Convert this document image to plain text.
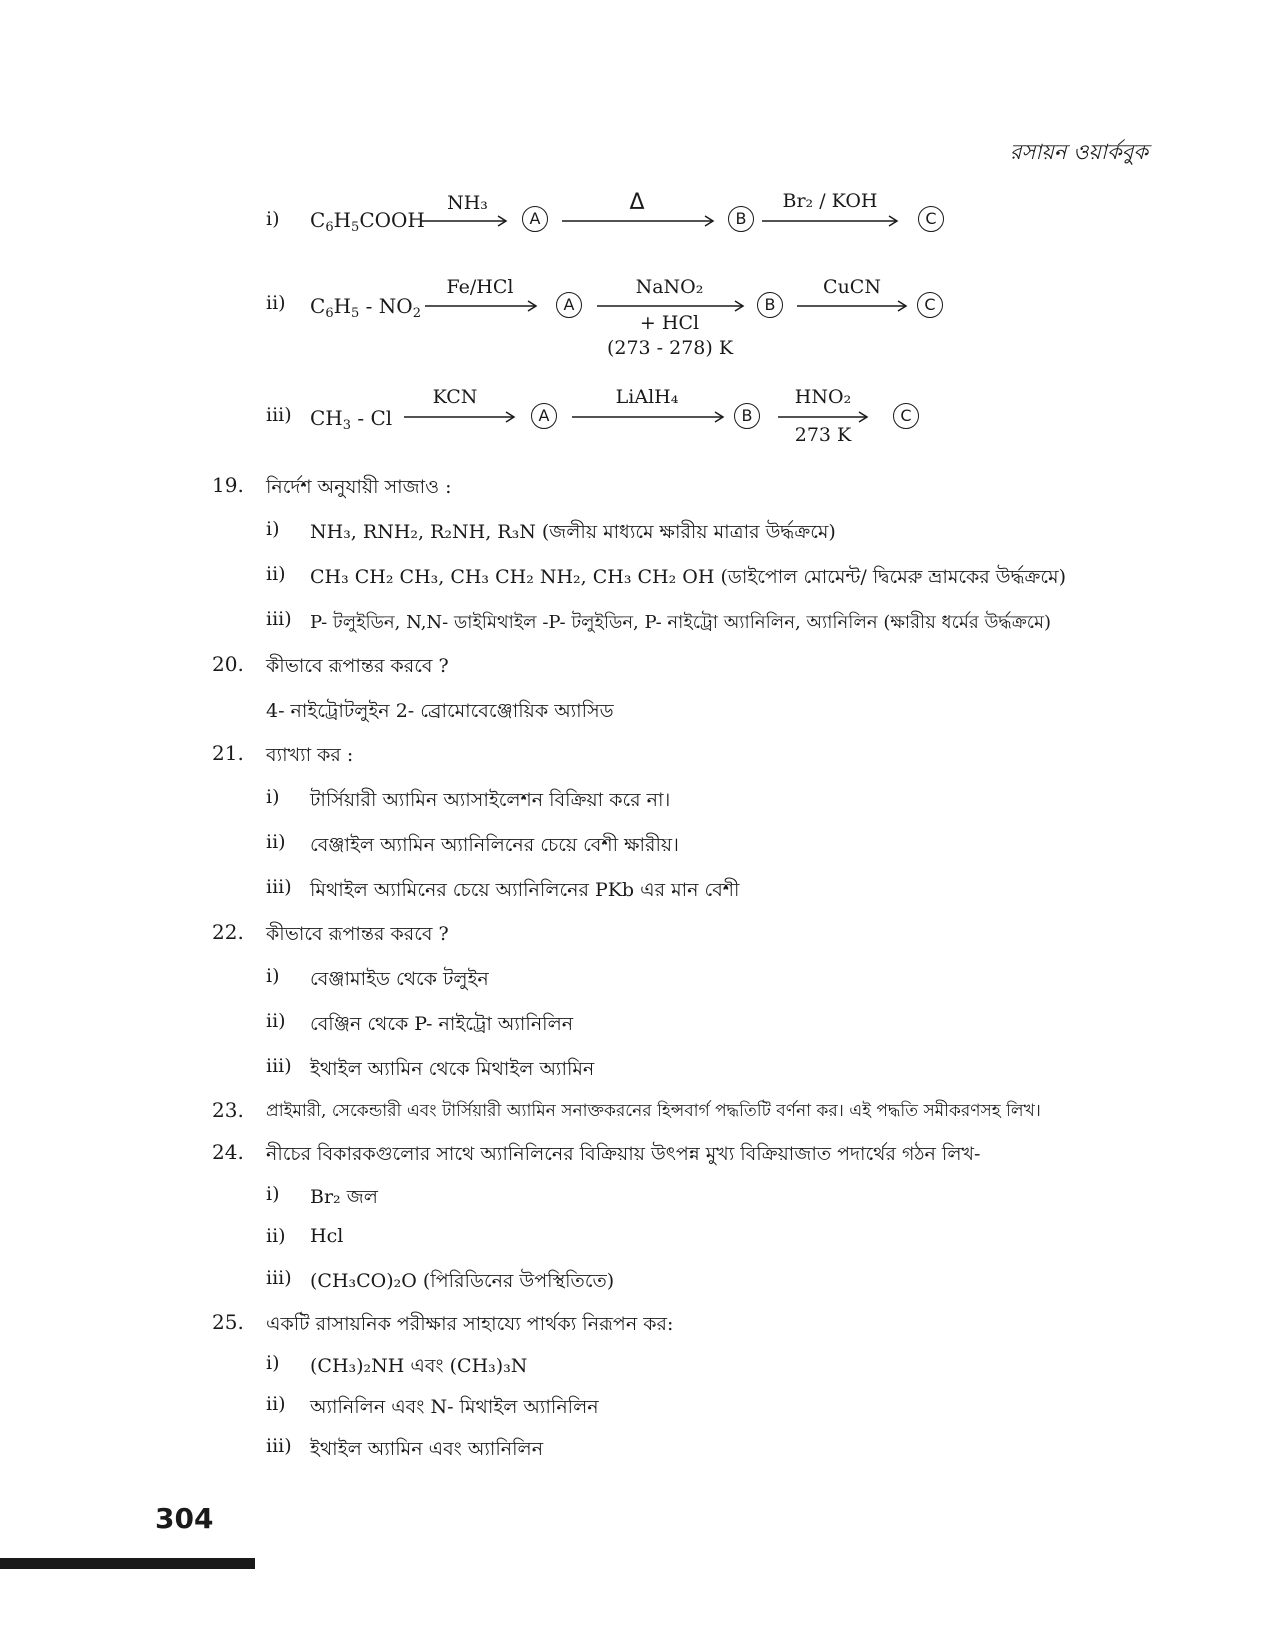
রসায়ন ওয়ার্কবুক
i) $C_6H_5COOH$
NH₃
A
Δ
B
Br₂ / KOH
C
ii) $C_6H_5 - NO_2$
Fe/HCl
A
NaNO₂
+ HCl
(273 - 278) K
B
CuCN
C
iii) $CH_3$ - Cl
KCN
A
LiAlH₄
B
HNO₂
273 K
C
19. নির্দেশ অনুযায়ী সাজাও :
i) NH₃, RNH₂, R₂NH, R₃N (জলীয় মাধ্যমে ক্ষারীয় মাত্রার উর্দ্ধক্রমে)
ii) CH₃ CH₂ CH₃, CH₃ CH₂ NH₂, CH₃ CH₂ OH (ডাইপোল মোমেন্ট/ দ্বিমেরু ভ্রামকের উর্দ্ধক্রমে)
iii) P- টলুইডিন, N,N- ডাইমিথাইল -P- টলুইডিন, P- নাইট্রো অ্যানিলিন, অ্যানিলিন (ক্ষারীয় ধর্মের উর্দ্ধক্রমে)
20. কীভাবে রূপান্তর করবে ?
4- নাইট্রোটলুইন 2- ব্রোমোবেঞ্জোয়িক অ্যাসিড
21. ব্যাখ্যা কর :
i) টার্সিয়ারী অ্যামিন অ্যাসাইলেশন বিক্রিয়া করে না।
ii) বেঞ্জাইল অ্যামিন অ্যানিলিনের চেয়ে বেশী ক্ষারীয়।
iii) মিথাইল অ্যামিনের চেয়ে অ্যানিলিনের PKb এর মান বেশী
22. কীভাবে রূপান্তর করবে ?
i) বেঞ্জামাইড থেকে টলুইন
ii) বেঞ্জিন থেকে P- নাইট্রো অ্যানিলিন
iii) ইথাইল অ্যামিন থেকে মিথাইল অ্যামিন
23. প্রাইমারী, সেকেন্ডারী এবং টার্সিয়ারী অ্যামিন সনাক্তকরনের হিন্সবার্গ পদ্ধতিটি বর্ণনা কর। এই পদ্ধতি সমীকরণসহ লিখ।
24. নীচের বিকারকগুলোর সাথে অ্যানিলিনের বিক্রিয়ায় উৎপন্ন মুখ্য বিক্রিয়াজাত পদার্থের গঠন লিখ-
i) Br₂ জল
ii) Hcl
iii) (CH₃CO)₂O (পিরিডিনের উপস্থিতিতে)
25. একটি রাসায়নিক পরীক্ষার সাহায্যে পার্থক্য নিরূপন কর:
i) (CH₃)₂NH এবং (CH₃)₃N
ii) অ্যানিলিন এবং N- মিথাইল অ্যানিলিন
iii) ইথাইল অ্যামিন এবং অ্যানিলিন
304
